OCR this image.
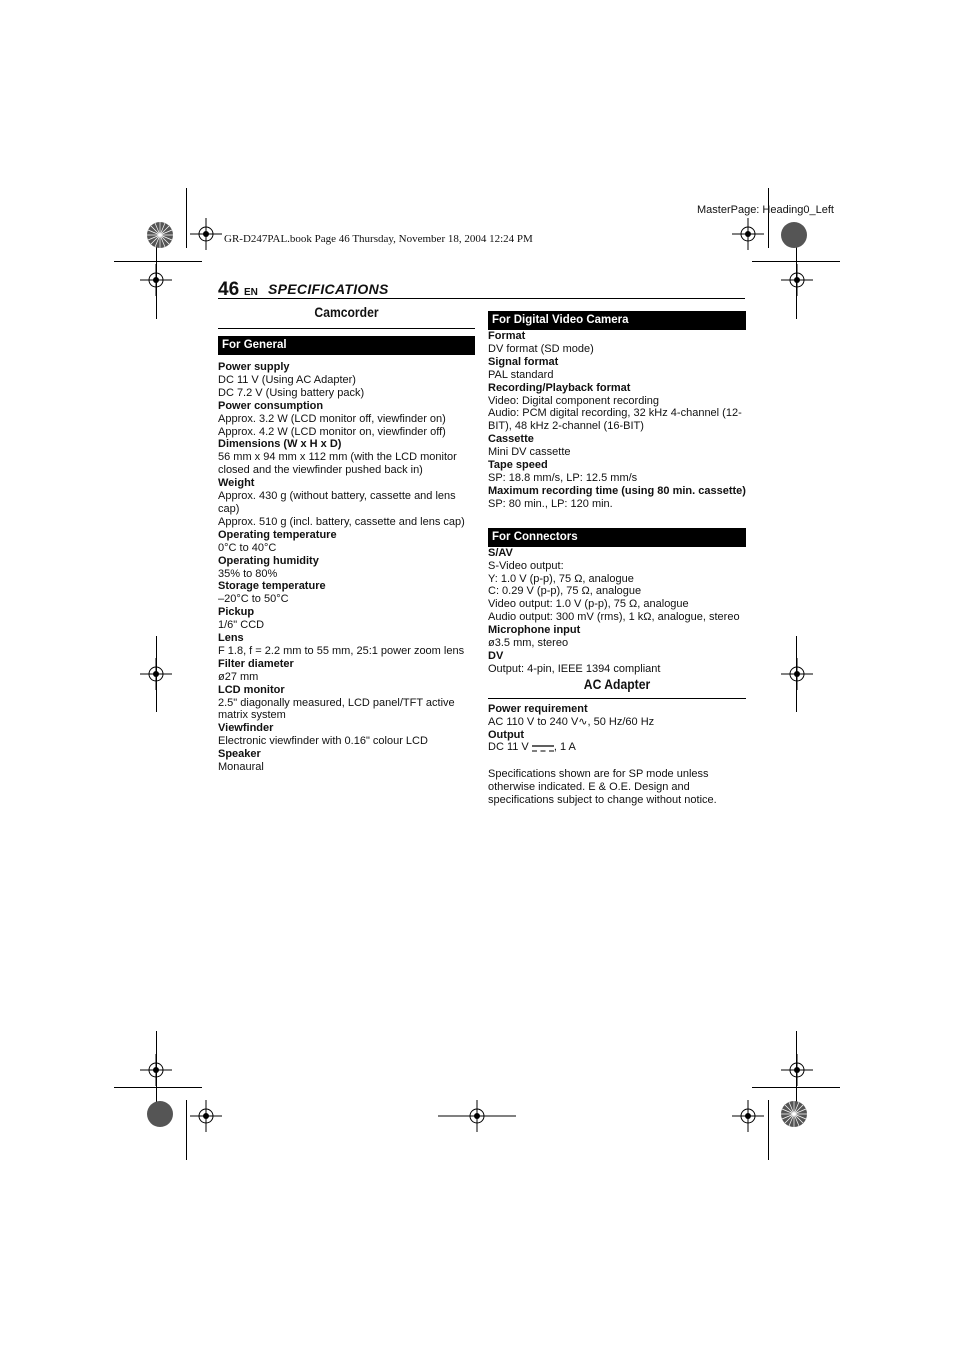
MasterPage: Heading0_Left
GR-D247PAL.book Page 46 Thursday, November 18, 2004 12:24 PM
46 EN SPECIFICATIONS
Camcorder
For General
Power supply
DC 11 V (Using AC Adapter)
DC 7.2 V (Using battery pack)
Power consumption
Approx. 3.2 W (LCD monitor off, viewfinder on)
Approx. 4.2 W (LCD monitor on, viewfinder off)
Dimensions (W x H x D)
56 mm x 94 mm x 112 mm (with the LCD monitor closed and the viewfinder pushed back in)
Weight
Approx. 430 g (without battery, cassette and lens cap)
Approx. 510 g (incl. battery, cassette and lens cap)
Operating temperature
0°C to 40°C
Operating humidity
35% to 80%
Storage temperature
–20°C to 50°C
Pickup
1/6" CCD
Lens
F 1.8, f = 2.2 mm to 55 mm, 25:1 power zoom lens
Filter diameter
ø27 mm
LCD monitor
2.5" diagonally measured, LCD panel/TFT active matrix system
Viewfinder
Electronic viewfinder with 0.16" colour LCD
Speaker
Monaural
For Digital Video Camera
Format
DV format (SD mode)
Signal format
PAL standard
Recording/Playback format
Video: Digital component recording
Audio: PCM digital recording, 32 kHz 4-channel (12-BIT), 48 kHz 2-channel (16-BIT)
Cassette
Mini DV cassette
Tape speed
SP: 18.8 mm/s, LP: 12.5 mm/s
Maximum recording time (using 80 min. cassette)
SP: 80 min., LP: 120 min.
For Connectors
S/AV
S-Video output:
Y: 1.0 V (p-p), 75 Ω, analogue
C: 0.29 V (p-p), 75 Ω, analogue
Video output: 1.0 V (p-p), 75 Ω, analogue
Audio output: 300 mV (rms), 1 kΩ, analogue, stereo
Microphone input
ø3.5 mm, stereo
DV
Output: 4-pin, IEEE 1394 compliant
AC Adapter
Power requirement
AC 110 V to 240 V∿, 50 Hz/60 Hz
Output
DC 11 V , 1 A
Specifications shown are for SP mode unless otherwise indicated. E & O.E. Design and specifications subject to change without notice.
